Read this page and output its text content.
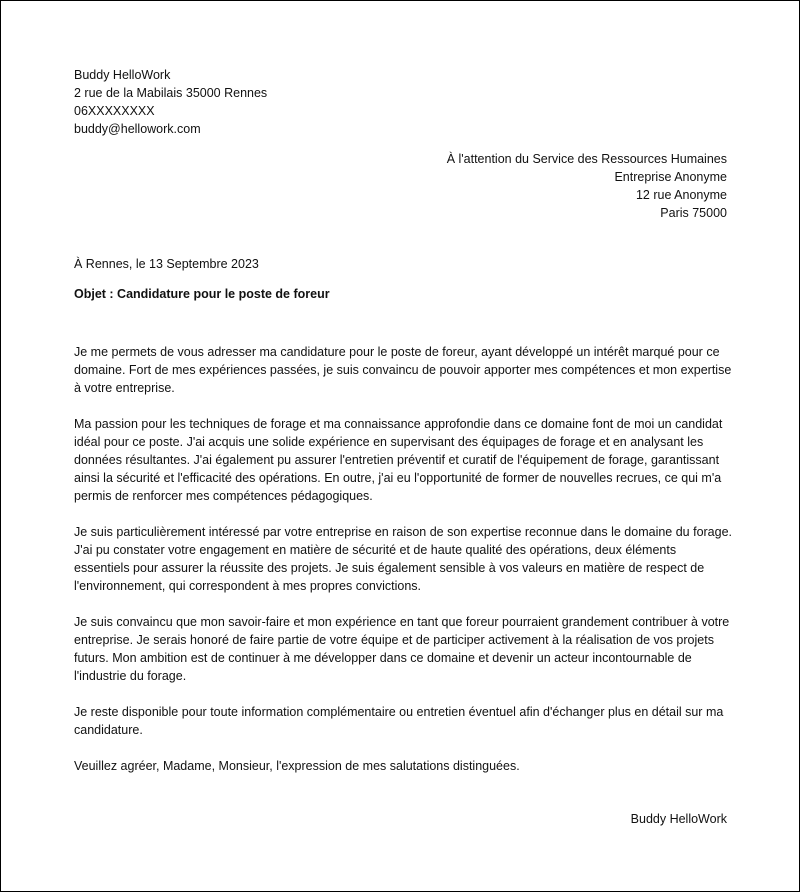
Buddy HelloWork
2 rue de la Mabilais 35000 Rennes
06XXXXXXXX
buddy@hellowork.com
À l'attention du Service des Ressources Humaines
Entreprise Anonyme
12 rue Anonyme
Paris 75000
À Rennes, le 13 Septembre 2023
Objet : Candidature pour le poste de foreur

Je me permets de vous adresser ma candidature pour le poste de foreur, ayant développé un intérêt marqué pour ce domaine. Fort de mes expériences passées, je suis convaincu de pouvoir apporter mes compétences et mon expertise à votre entreprise.

Ma passion pour les techniques de forage et ma connaissance approfondie dans ce domaine font de moi un candidat idéal pour ce poste. J'ai acquis une solide expérience en supervisant des équipages de forage et en analysant les données résultantes. J'ai également pu assurer l'entretien préventif et curatif de l'équipement de forage, garantissant ainsi la sécurité et l'efficacité des opérations. En outre, j'ai eu l'opportunité de former de nouvelles recrues, ce qui m'a permis de renforcer mes compétences pédagogiques.

Je suis particulièrement intéressé par votre entreprise en raison de son expertise reconnue dans le domaine du forage. J'ai pu constater votre engagement en matière de sécurité et de haute qualité des opérations, deux éléments essentiels pour assurer la réussite des projets. Je suis également sensible à vos valeurs en matière de respect de l'environnement, qui correspondent à mes propres convictions.

Je suis convaincu que mon savoir-faire et mon expérience en tant que foreur pourraient grandement contribuer à votre entreprise. Je serais honoré de faire partie de votre équipe et de participer activement à la réalisation de vos projets futurs. Mon ambition est de continuer à me développer dans ce domaine et devenir un acteur incontournable de l'industrie du forage.

Je reste disponible pour toute information complémentaire ou entretien éventuel afin d'échanger plus en détail sur ma candidature.

Veuillez agréer, Madame, Monsieur, l'expression de mes salutations distinguées.

Buddy HelloWork
